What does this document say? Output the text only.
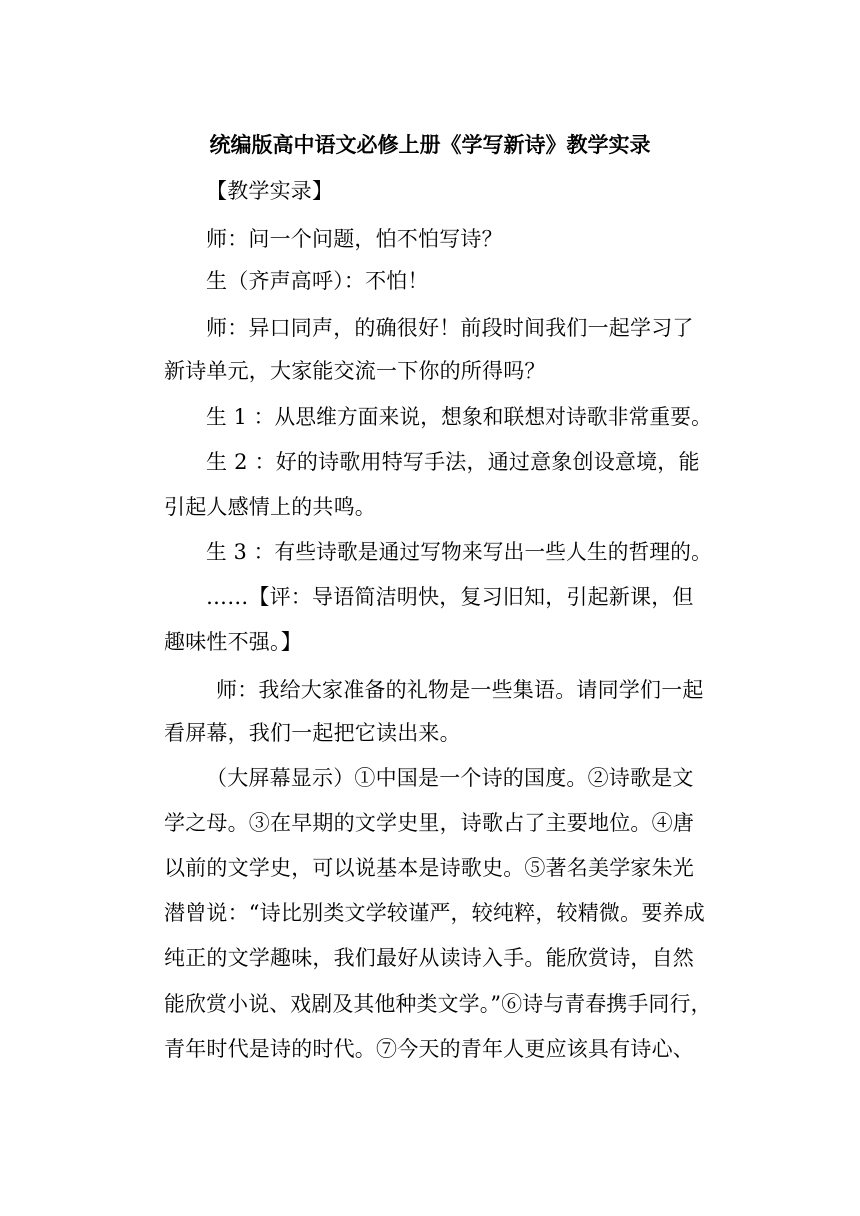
统编版高中语文必修上册《学写新诗》教学实录
【教学实录】
师：问一个问题，怕不怕写诗？
生（齐声高呼）：不怕！
师：异口同声，的确很好！前段时间我们一起学习了
新诗单元，大家能交流一下你的所得吗？
生 1 ：从思维方面来说，想象和联想对诗歌非常重要。
生 2 ：好的诗歌用特写手法，通过意象创设意境，能
引起人感情上的共鸣。
生 3 ：有些诗歌是通过写物来写出一些人生的哲理的。
……【评：导语简洁明快，复习旧知，引起新课，但
趣味性不强。】
师：我给大家准备的礼物是一些集语。请同学们一起
看屏幕，我们一起把它读出来。
（大屏幕显示）①中国是一个诗的国度。②诗歌是文
学之母。③在早期的文学史里，诗歌占了主要地位。④唐
以前的文学史，可以说基本是诗歌史。⑤著名美学家朱光
潜曾说：“诗比别类文学较谨严，较纯粹，较精微。要养成
纯正的文学趣味，我们最好从读诗入手。能欣赏诗，自然
能欣赏小说、戏剧及其他种类文学。”⑥诗与青春携手同行，
青年时代是诗的时代。⑦今天的青年人更应该具有诗心、
